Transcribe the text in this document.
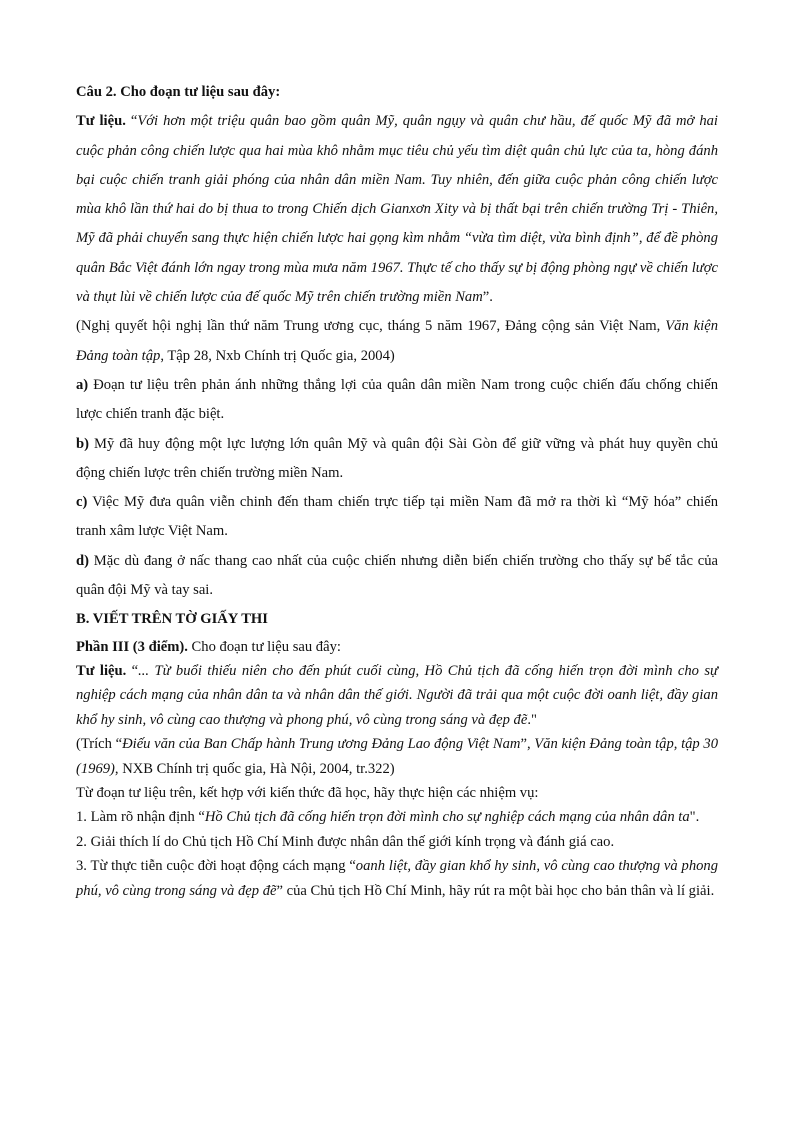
Câu 2. Cho đoạn tư liệu sau đây:

Tư liệu. “Với hơn một triệu quân bao gồm quân Mỹ, quân ngụy và quân chư hầu, đế quốc Mỹ đã mở hai cuộc phản công chiến lược qua hai mùa khô nhằm mục tiêu chủ yếu tìm diệt quân chủ lực của ta, hòng đánh bại cuộc chiến tranh giải phóng của nhân dân miền Nam. Tuy nhiên, đến giữa cuộc phản công chiến lược mùa khô lần thứ hai do bị thua to trong Chiến dịch Gianxơn Xity và bị thất bại trên chiến trường Trị - Thiên, Mỹ đã phải chuyển sang thực hiện chiến lược hai gọng kìm nhằm “vừa tìm diệt, vừa bình định”, để đề phòng quân Bắc Việt đánh lớn ngay trong mùa mưa năm 1967. Thực tế cho thấy sự bị động phòng ngự về chiến lược và thụt lùi về chiến lược của đế quốc Mỹ trên chiến trường miền Nam”.

(Nghị quyết hội nghị lần thứ năm Trung ương cục, tháng 5 năm 1967, Đảng cộng sản Việt Nam, Văn kiện Đảng toàn tập, Tập 28, Nxb Chính trị Quốc gia, 2004)

a) Đoạn tư liệu trên phản ánh những thắng lợi của quân dân miền Nam trong cuộc chiến đấu chống chiến lược chiến tranh đặc biệt.

b) Mỹ đã huy động một lực lượng lớn quân Mỹ và quân đội Sài Gòn để giữ vững và phát huy quyền chủ động chiến lược trên chiến trường miền Nam.

c) Việc Mỹ đưa quân viễn chinh đến tham chiến trực tiếp tại miền Nam đã mở ra thời kì “Mỹ hóa” chiến tranh xâm lược Việt Nam.

d) Mặc dù đang ở nấc thang cao nhất của cuộc chiến nhưng diễn biến chiến trường cho thấy sự bế tắc của quân đội Mỹ và tay sai.

B. VIẾT TRÊN TỜ GIẤY THI

Phần III (3 điểm). Cho đoạn tư liệu sau đây:

Tư liệu. “... Từ buổi thiếu niên cho đến phút cuối cùng, Hồ Chủ tịch đã cống hiến trọn đời mình cho sự nghiệp cách mạng của nhân dân ta và nhân dân thế giới. Người đã trải qua một cuộc đời oanh liệt, đầy gian khổ hy sinh, vô cùng cao thượng và phong phú, vô cùng trong sáng và đẹp đẽ."

(Trích “Điếu văn của Ban Chấp hành Trung ương Đảng Lao động Việt Nam”, Văn kiện Đảng toàn tập, tập 30 (1969), NXB Chính trị quốc gia, Hà Nội, 2004, tr.322)

Từ đoạn tư liệu trên, kết hợp với kiến thức đã học, hãy thực hiện các nhiệm vụ:

1. Làm rõ nhận định “Hồ Chủ tịch đã cống hiến trọn đời mình cho sự nghiệp cách mạng của nhân dân ta".

2. Giải thích lí do Chủ tịch Hồ Chí Minh được nhân dân thế giới kính trọng và đánh giá cao.

3. Từ thực tiễn cuộc đời hoạt động cách mạng “oanh liệt, đầy gian khổ hy sinh, vô cùng cao thượng và phong phú, vô cùng trong sáng và đẹp đẽ” của Chủ tịch Hồ Chí Minh, hãy rút ra một bài học cho bản thân và lí giải.
